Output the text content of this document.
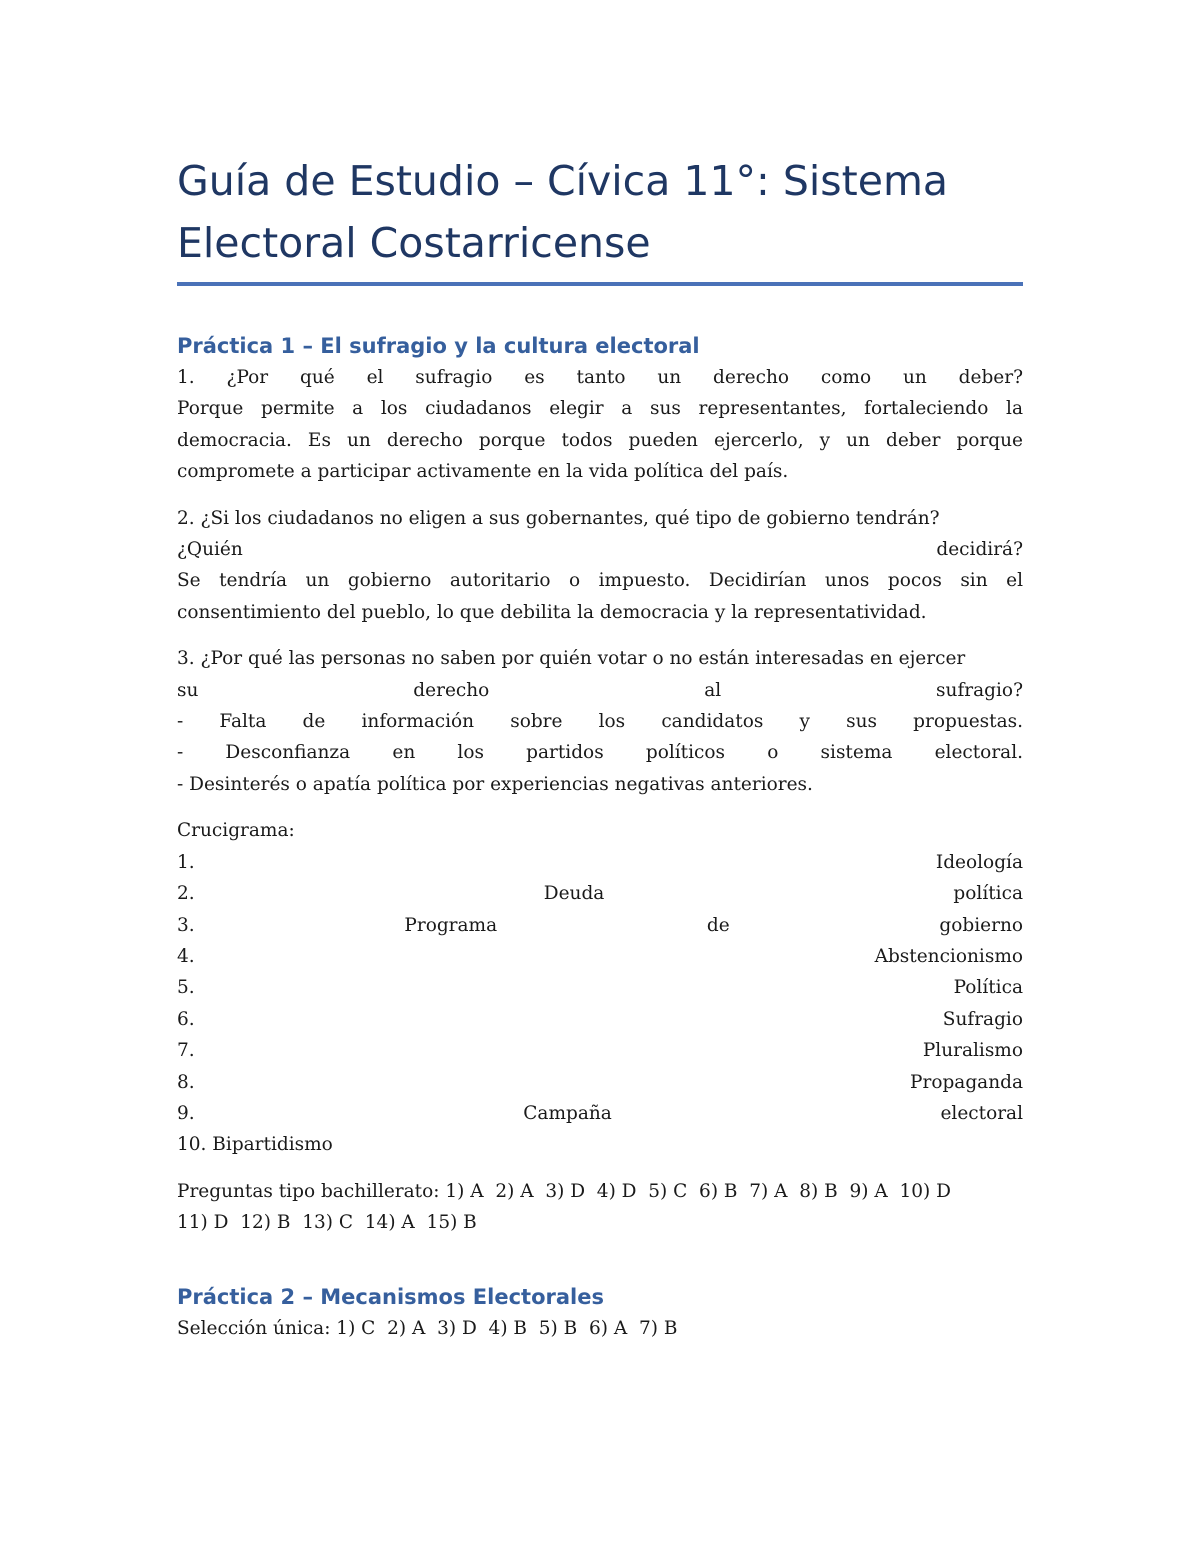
Guía de Estudio – Cívica 11°: Sistema Electoral Costarricense
Práctica 1 – El sufragio y la cultura electoral

1. ¿Por qué el sufragio es tanto un derecho como un deber?
Porque permite a los ciudadanos elegir a sus representantes, fortaleciendo la democracia. Es un derecho porque todos pueden ejercerlo, y un deber porque compromete a participar activamente en la vida política del país.

2. ¿Si los ciudadanos no eligen a sus gobernantes, qué tipo de gobierno tendrán?
¿Quién decidirá?
Se tendría un gobierno autoritario o impuesto. Decidirían unos pocos sin el consentimiento del pueblo, lo que debilita la democracia y la representatividad.

3. ¿Por qué las personas no saben por quién votar o no están interesadas en ejercer
su derecho al sufragio?
- Falta de información sobre los candidatos y sus propuestas.
- Desconfianza en los partidos políticos o sistema electoral.
- Desinterés o apatía política por experiencias negativas anteriores.

Crucigrama:
1. Ideología
2. Deuda política
3. Programa de gobierno
4. Abstencionismo
5. Política
6. Sufragio
7. Pluralismo
8. Propaganda
9. Campaña electoral
10. Bipartidismo

Preguntas tipo bachillerato: 1) A  2) A  3) D  4) D  5) C  6) B  7) A  8) B  9) A  10) D
11) D  12) B  13) C  14) A  15) B

Práctica 2 – Mecanismos Electorales

Selección única: 1) C  2) A  3) D  4) B  5) B  6) A  7) B
